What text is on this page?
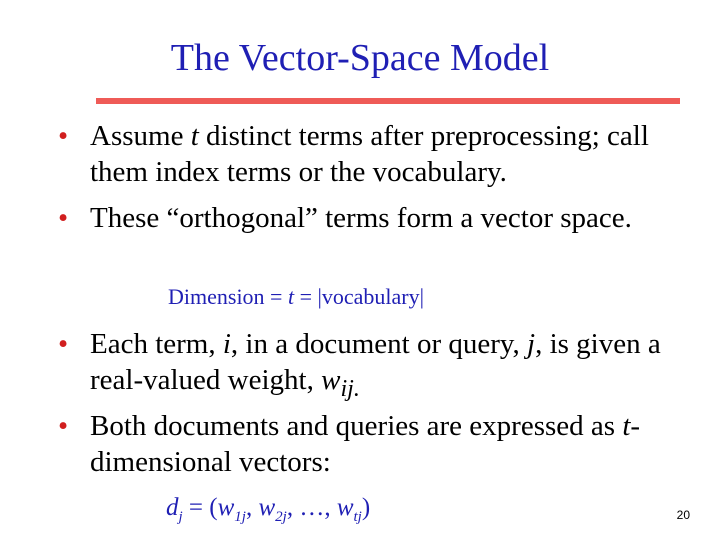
The Vector-Space Model
• Assume t distinct terms after preprocessing; call them index terms or the vocabulary.
• These “orthogonal” terms form a vector space.
Dimension = t = |vocabulary|
• Each term, i, in a document or query, j, is given a real-valued weight, $w_{ij.}$
• Both documents and queries are expressed as t-dimensional vectors:
$d_j = (w_{1j}$, $w_{2j}$, …, $w_{tj}$)	20
